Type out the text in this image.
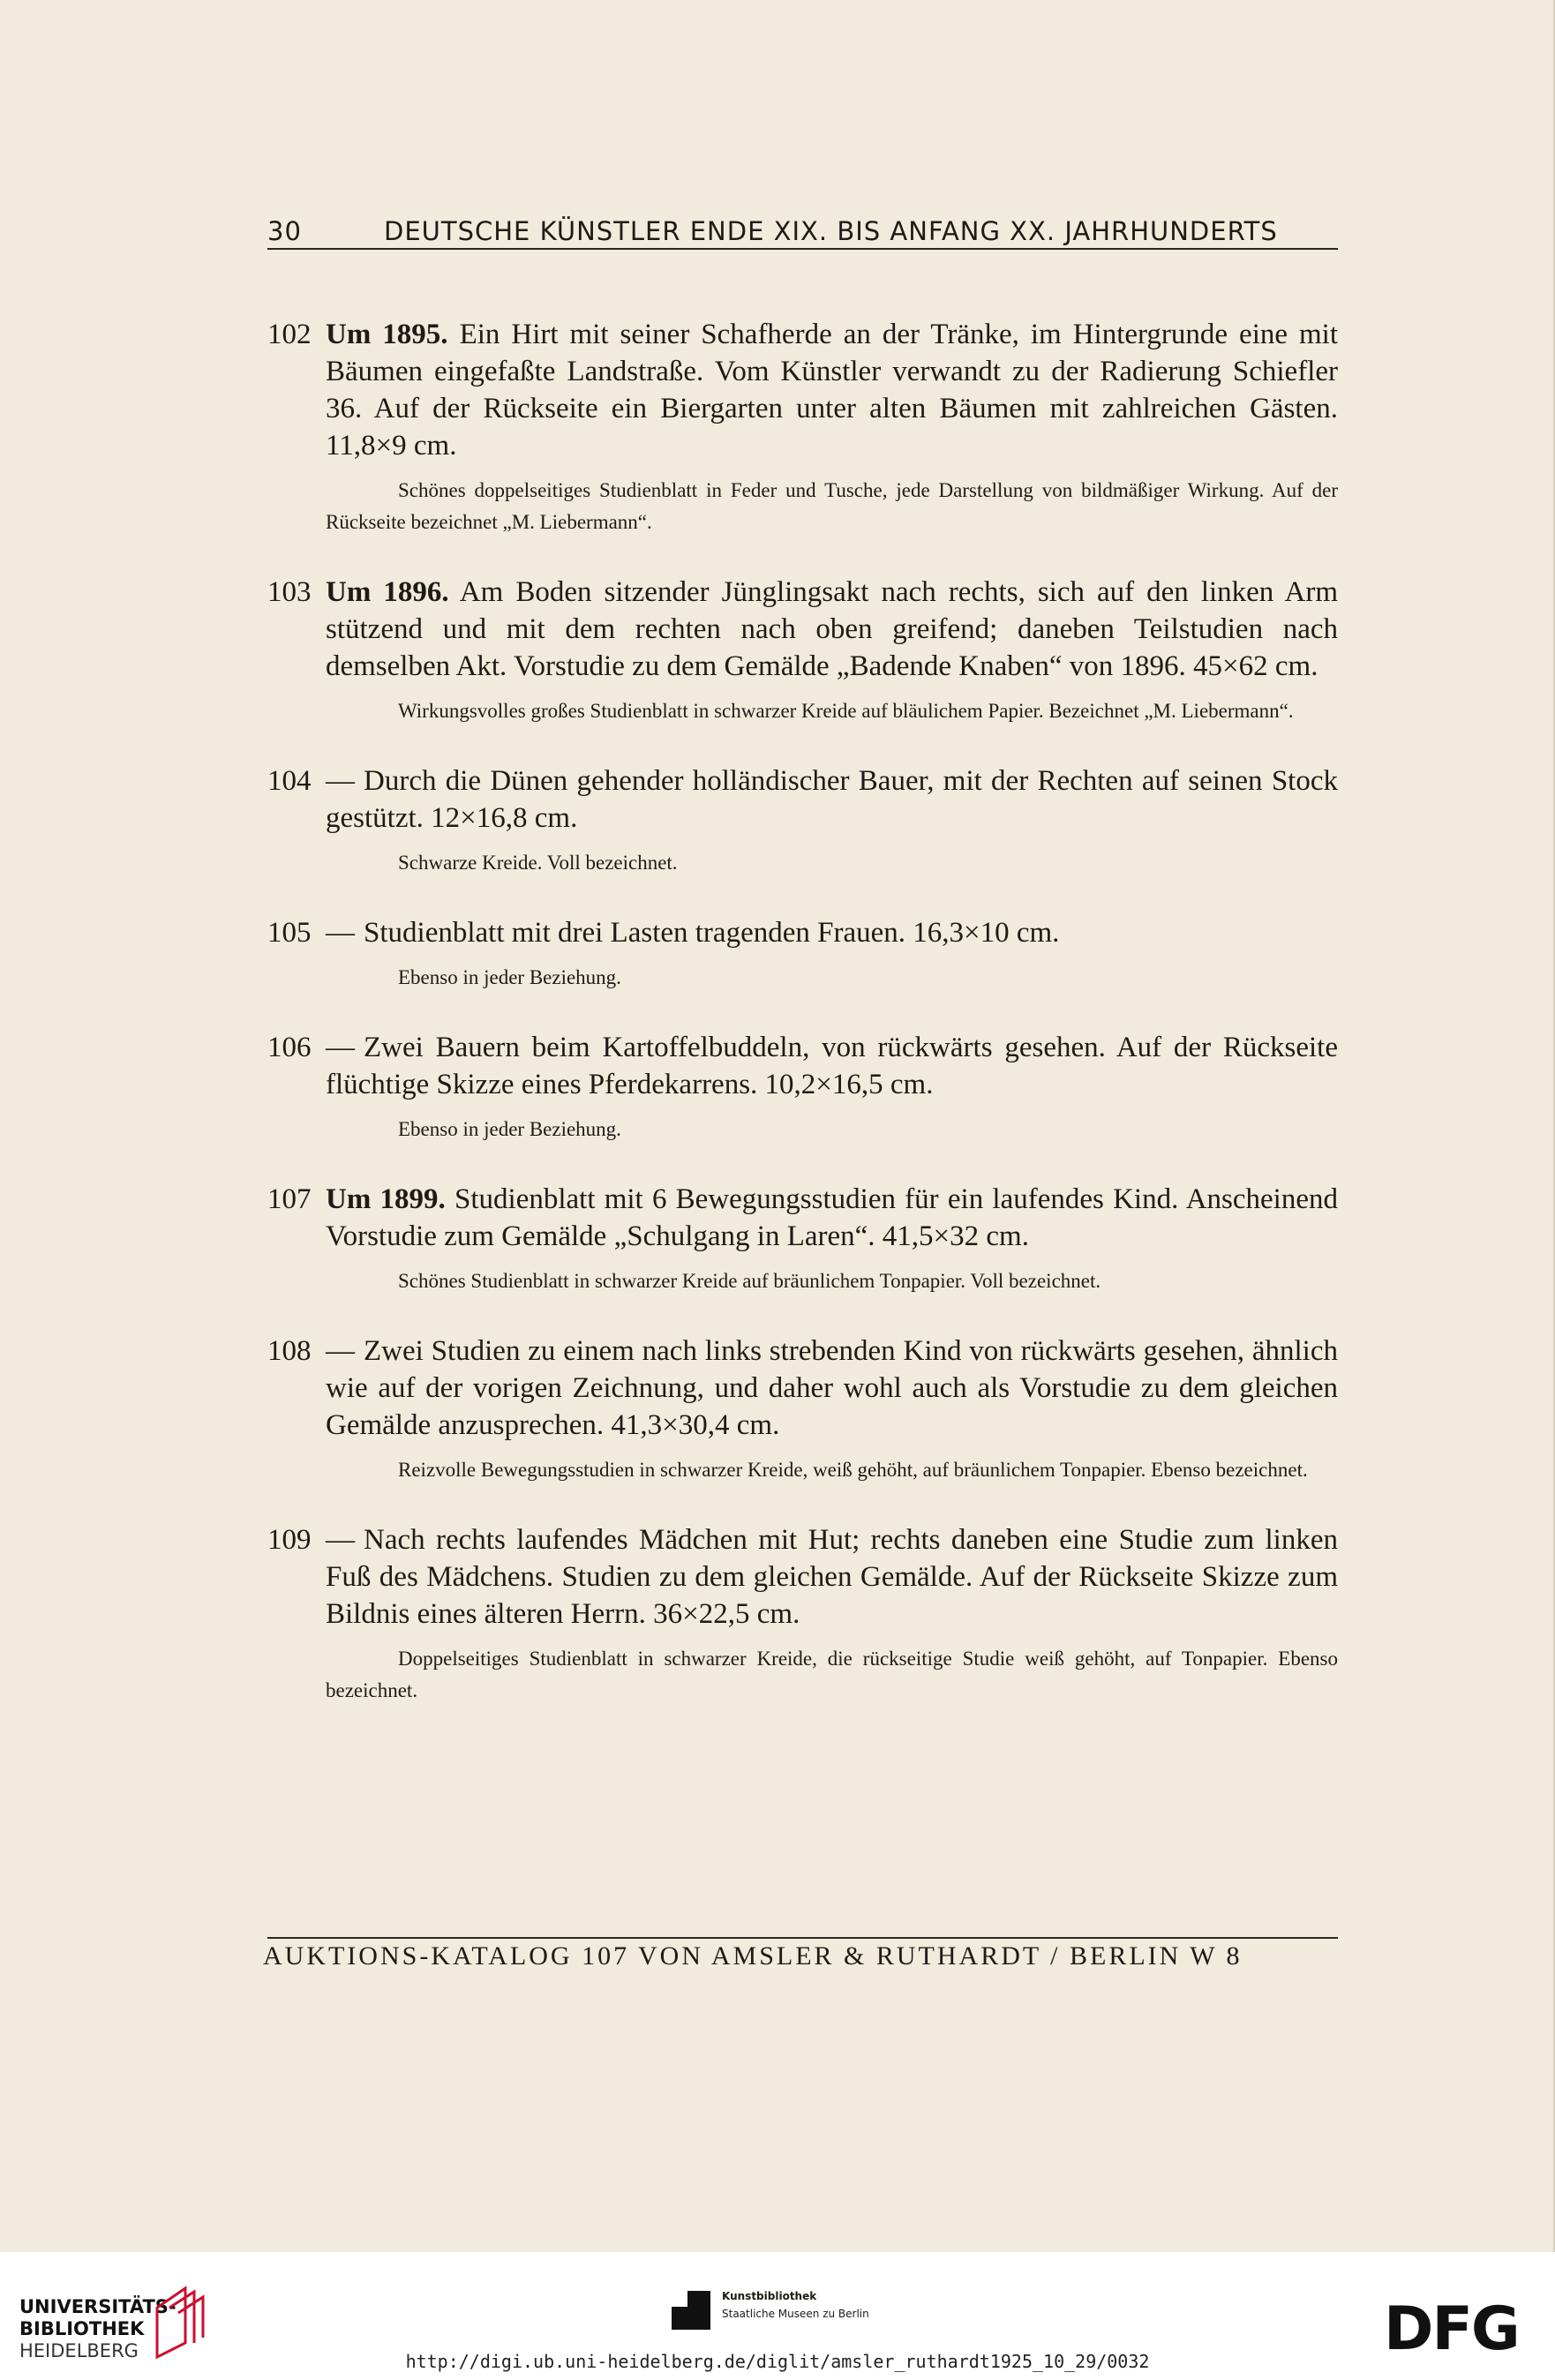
30	DEUTSCHE KÜNSTLER ENDE XIX. BIS ANFANG XX. JAHRHUNDERTS
102 Um 1895. Ein Hirt mit seiner Schafherde an der Tränke, im Hintergrunde eine mit Bäumen eingefaßte Landstraße. Vom Künstler verwandt zu der Radierung Schiefler 36. Auf der Rückseite ein Biergarten unter alten Bäumen mit zahlreichen Gästen. 11,8×9 cm.
Schönes doppelseitiges Studienblatt in Feder und Tusche, jede Darstellung von bildmäßiger Wirkung. Auf der Rückseite bezeichnet „M. Liebermann“.
103 Um 1896. Am Boden sitzender Jünglingsakt nach rechts, sich auf den linken Arm stützend und mit dem rechten nach oben greifend; daneben Teilstudien nach demselben Akt. Vorstudie zu dem Gemälde „Badende Knaben“ von 1896. 45×62 cm.
Wirkungsvolles großes Studienblatt in schwarzer Kreide auf bläulichem Papier. Bezeichnet „M. Liebermann“.
104 — Durch die Dünen gehender holländischer Bauer, mit der Rechten auf seinen Stock gestützt. 12×16,8 cm.
Schwarze Kreide. Voll bezeichnet.
105 — Studienblatt mit drei Lasten tragenden Frauen. 16,3×10 cm.
Ebenso in jeder Beziehung.
106 — Zwei Bauern beim Kartoffelbuddeln, von rückwärts gesehen. Auf der Rückseite flüchtige Skizze eines Pferdekarrens. 10,2×16,5 cm.
Ebenso in jeder Beziehung.
107 Um 1899. Studienblatt mit 6 Bewegungsstudien für ein laufendes Kind. Anscheinend Vorstudie zum Gemälde „Schulgang in Laren“. 41,5×32 cm.
Schönes Studienblatt in schwarzer Kreide auf bräunlichem Tonpapier. Voll bezeichnet.
108 — Zwei Studien zu einem nach links strebenden Kind von rückwärts gesehen, ähnlich wie auf der vorigen Zeichnung, und daher wohl auch als Vorstudie zu dem gleichen Gemälde anzusprechen. 41,3×30,4 cm.
Reizvolle Bewegungsstudien in schwarzer Kreide, weiß gehöht, auf bräunlichem Tonpapier. Ebenso bezeichnet.
109 — Nach rechts laufendes Mädchen mit Hut; rechts daneben eine Studie zum linken Fuß des Mädchens. Studien zu dem gleichen Gemälde. Auf der Rückseite Skizze zum Bildnis eines älteren Herrn. 36×22,5 cm.
Doppelseitiges Studienblatt in schwarzer Kreide, die rückseitige Studie weiß gehöht, auf Tonpapier. Ebenso bezeichnet.
AUKTIONS-KATALOG 107 VON AMSLER & RUTHARDT / BERLIN W 8
UNIVERSITÄTS-
BIBLIOTHEK
HEIDELBERG
Kunstbibliothek
Staatliche Museen zu Berlin	DFG
http://digi.ub.uni-heidelberg.de/diglit/amsler_ruthardt1925_10_29/0032
